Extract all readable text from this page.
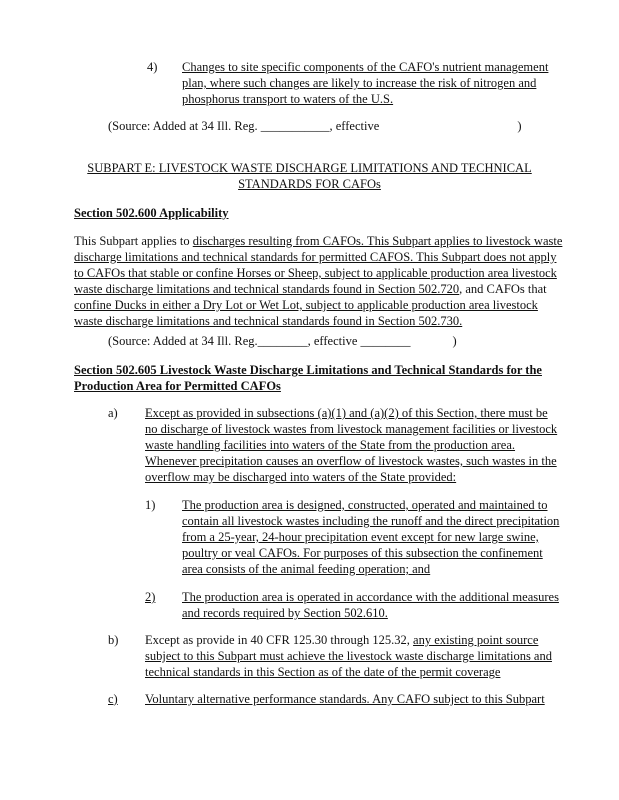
4) Changes to site specific components of the CAFO's nutrient management
plan, where such changes are likely to increase the risk of nitrogen and
phosphorus transport to waters of the U.S.
(Source: Added at 34 Ill. Reg. ___________, effective	)
SUBPART E: LIVESTOCK WASTE DISCHARGE LIMITATIONS AND TECHNICAL
STANDARDS FOR CAFOs
Section 502.600 Applicability
This Subpart applies to discharges resulting from CAFOs. This Subpart applies to livestock waste
discharge limitations and technical standards for permitted CAFOS. This Subpart does not apply
to CAFOs that stable or confine Horses or Sheep, subject to applicable production area livestock
waste discharge limitations and technical standards found in Section 502.720, and CAFOs that
confine Ducks in either a Dry Lot or Wet Lot, subject to applicable production area livestock
waste discharge limitations and technical standards found in Section 502.730.
(Source: Added at 34 Ill. Reg.________, effective ________	)
Section 502.605 Livestock Waste Discharge Limitations and Technical Standards for the
Production Area for Permitted CAFOs
a) Except as provided in subsections (a)(1) and (a)(2) of this Section, there must be
no discharge of livestock wastes from livestock management facilities or livestock
waste handling facilities into waters of the State from the production area.
Whenever precipitation causes an overflow of livestock wastes, such wastes in the
overflow may be discharged into waters of the State provided:
1) The production area is designed, constructed, operated and maintained to
contain all livestock wastes including the runoff and the direct precipitation
from a 25-year, 24-hour precipitation event except for new large swine,
poultry or veal CAFOs. For purposes of this subsection the confinement
area consists of the animal feeding operation; and
2) The production area is operated in accordance with the additional measures
and records required by Section 502.610.
b) Except as provide in 40 CFR 125.30 through 125.32, any existing point source
subject to this Subpart must achieve the livestock waste discharge limitations and
technical standards in this Section as of the date of the permit coverage
c) Voluntary alternative performance standards. Any CAFO subject to this Subpart
